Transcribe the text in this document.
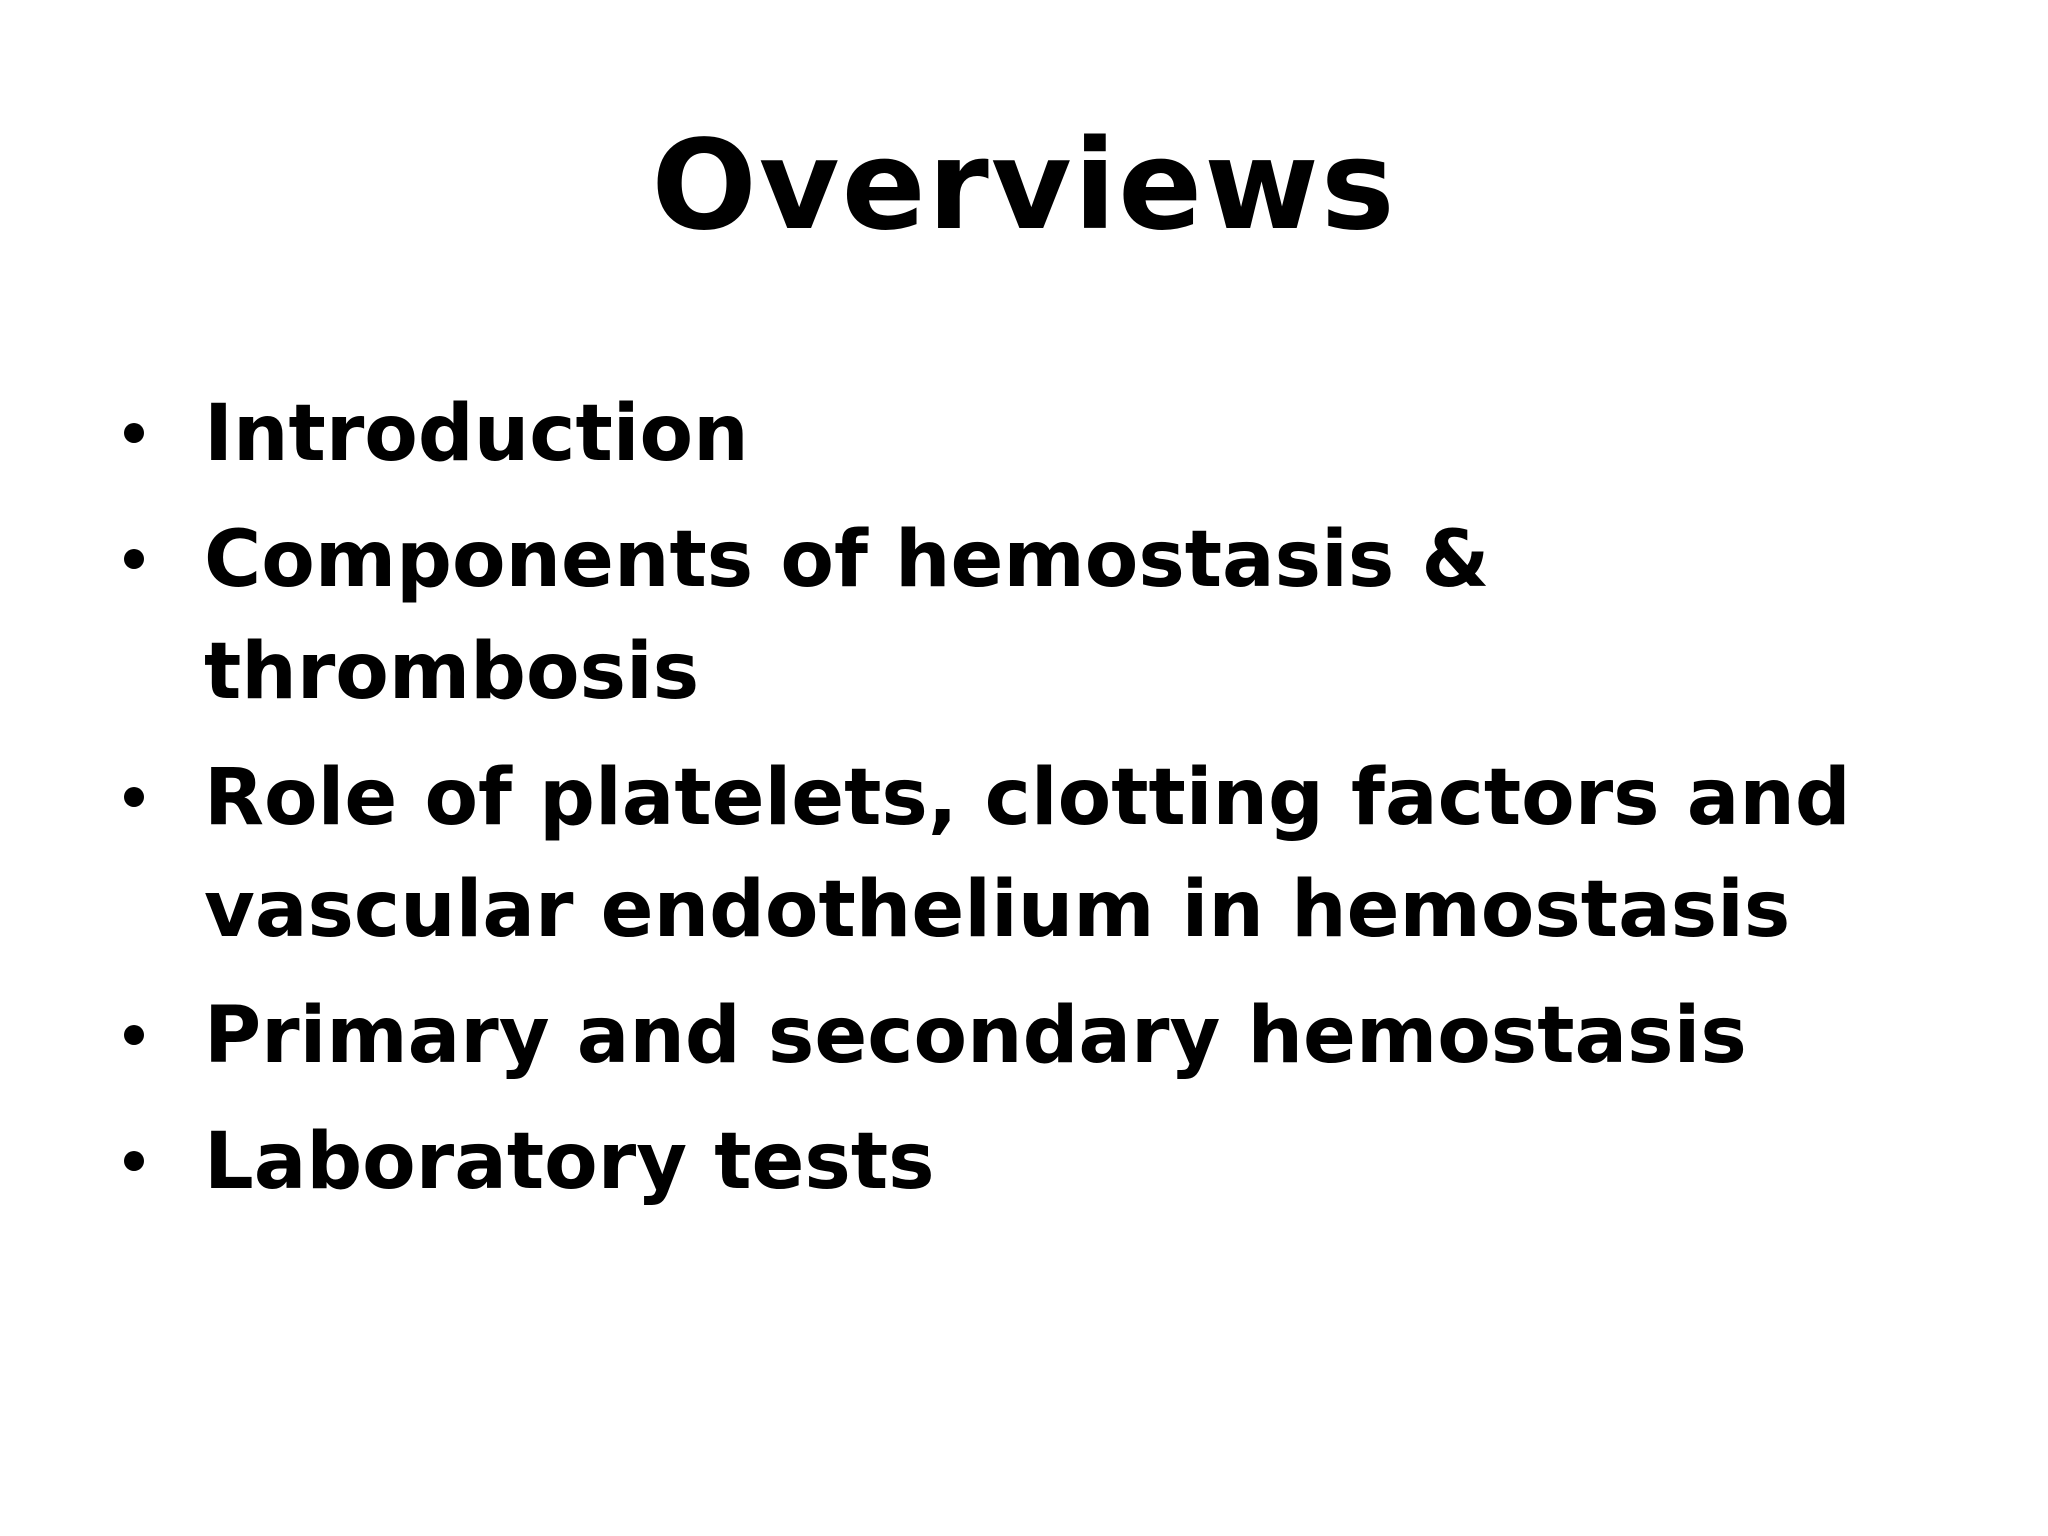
Overviews
Introduction
Components of hemostasis &
thrombosis
Role of platelets, clotting factors and
vascular endothelium in hemostasis
Primary and secondary hemostasis
Laboratory tests
